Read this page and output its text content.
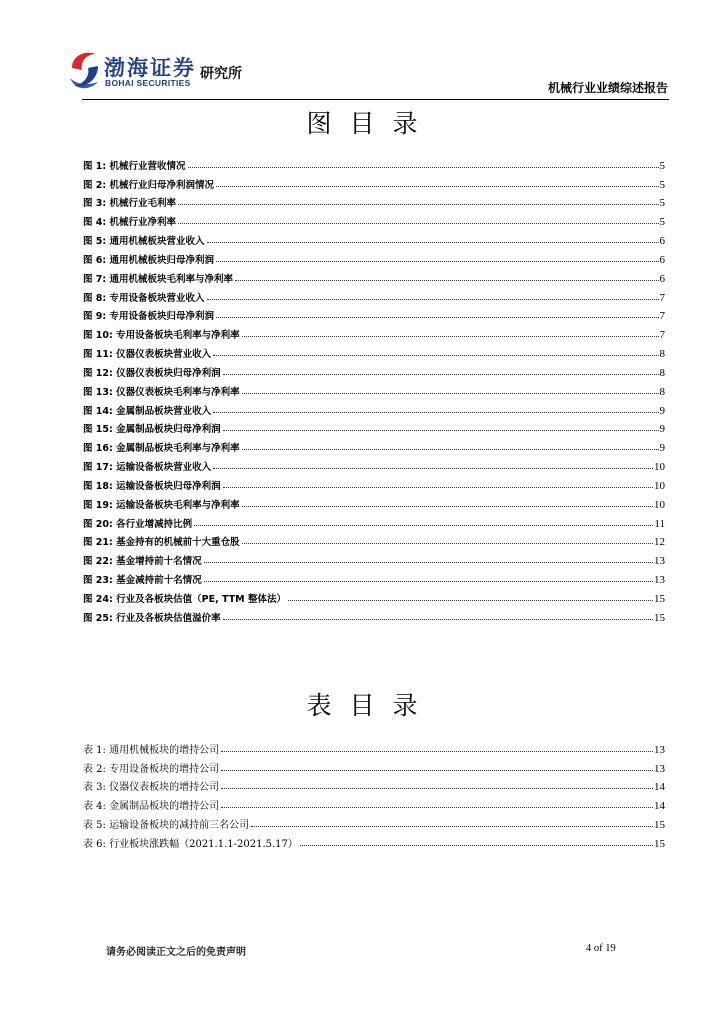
渤海证券
BOHAI SECURITIES
研究所
机械行业业绩综述报告
图目录
图 1: 机械行业营收情况	5
图 2: 机械行业归母净利润情况	5
图 3: 机械行业毛利率	5
图 4: 机械行业净利率	5
图 5: 通用机械板块营业收入	6
图 6: 通用机械板块归母净利润	6
图 7: 通用机械板块毛利率与净利率	6
图 8: 专用设备板块营业收入	7
图 9: 专用设备板块归母净利润	7
图 10: 专用设备板块毛利率与净利率	7
图 11: 仪器仪表板块营业收入	8
图 12: 仪器仪表板块归母净利润	8
图 13: 仪器仪表板块毛利率与净利率	8
图 14: 金属制品板块营业收入	9
图 15: 金属制品板块归母净利润	9
图 16: 金属制品板块毛利率与净利率	9
图 17: 运输设备板块营业收入	10
图 18: 运输设备板块归母净利润	10
图 19: 运输设备板块毛利率与净利率	10
图 20: 各行业增减持比例	11
图 21: 基金持有的机械前十大重仓股	12
图 22: 基金增持前十名情况	13
图 23: 基金减持前十名情况	13
图 24: 行业及各板块估值（PE, TTM 整体法）	15
图 25: 行业及各板块估值溢价率	15
表目录
表 1: 通用机械板块的增持公司	13
表 2: 专用设备板块的增持公司	13
表 3: 仪器仪表板块的增持公司	14
表 4: 金属制品板块的增持公司	14
表 5: 运输设备板块的减持前三名公司	15
表 6: 行业板块涨跌幅（2021.1.1-2021.5.17）	15
请务必阅读正文之后的免责声明	4 of 19
